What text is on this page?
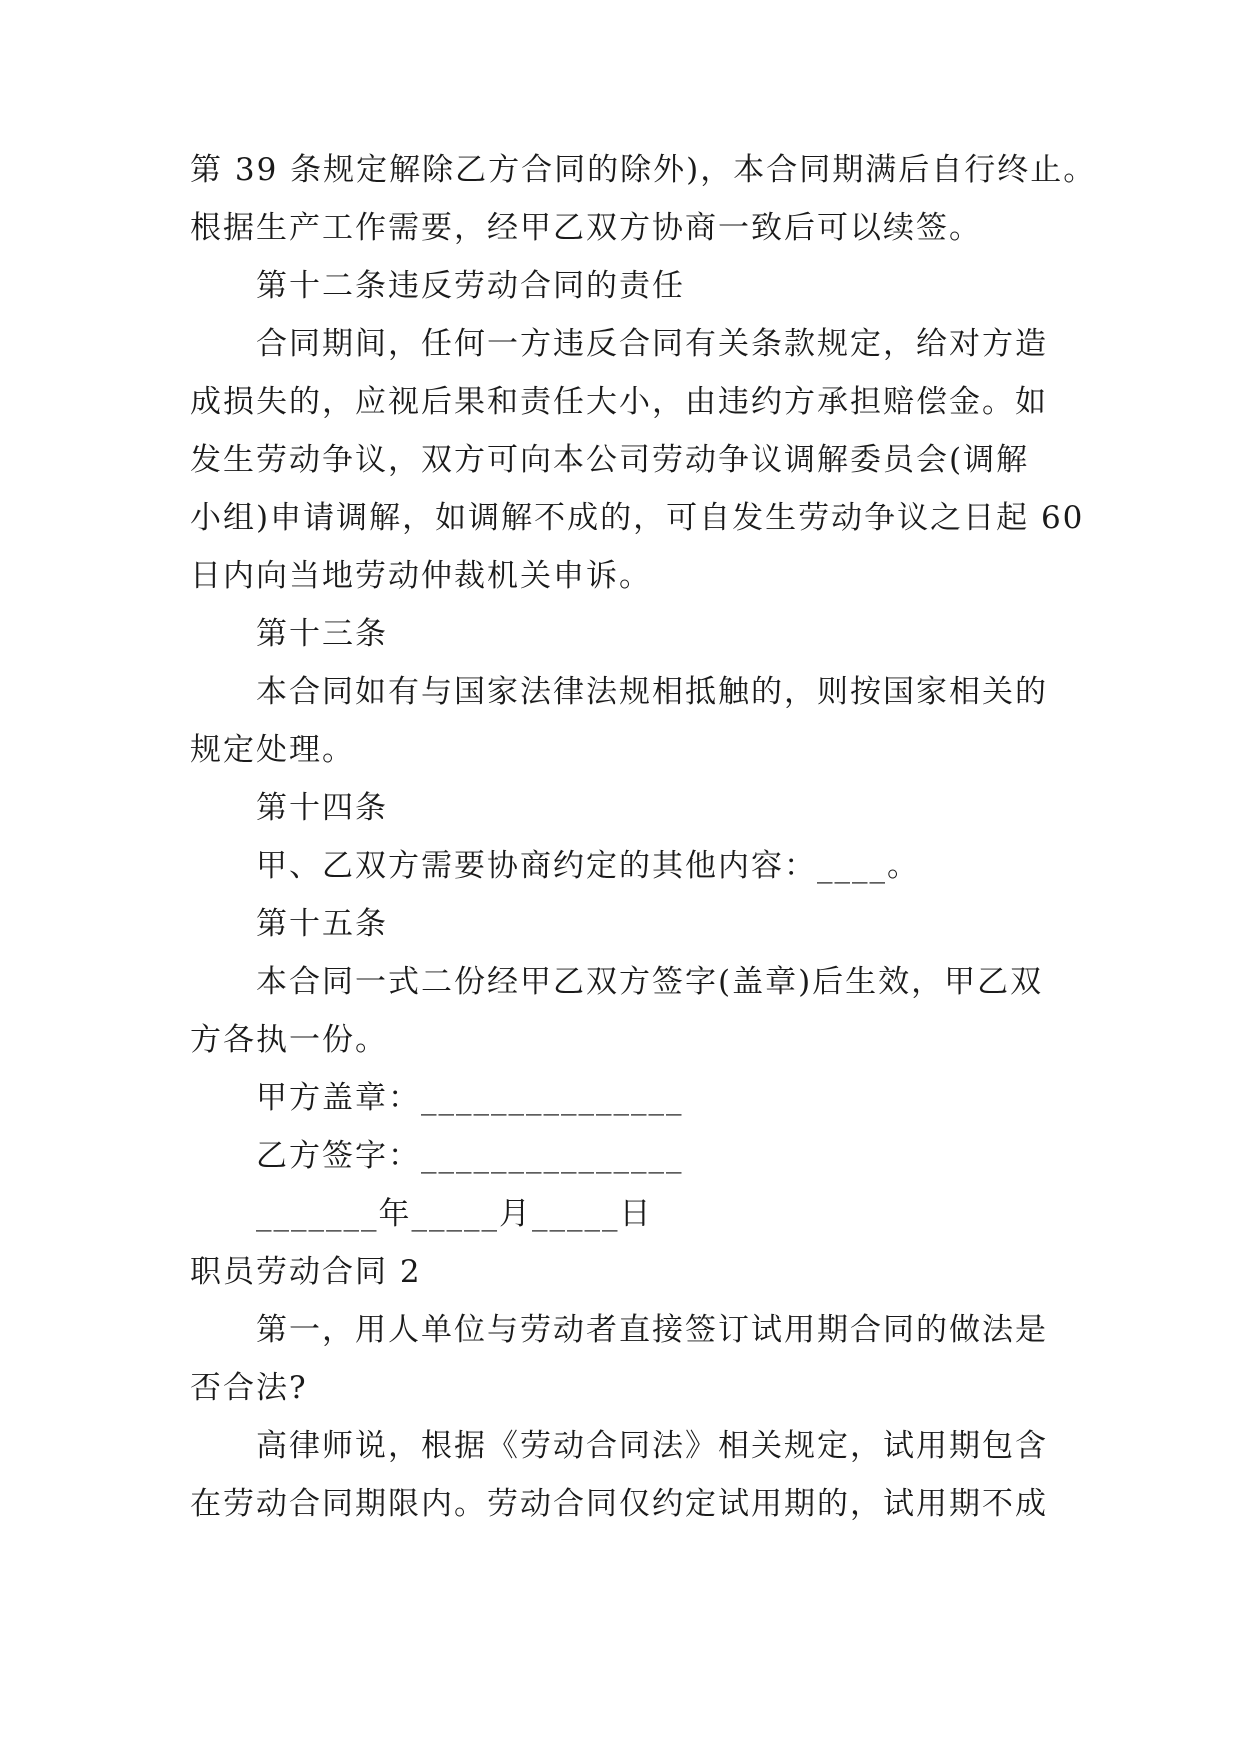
第 39 条规定解除乙方合同的除外)，本合同期满后自行终止。
根据生产工作需要，经甲乙双方协商一致后可以续签。
第十二条违反劳动合同的责任
合同期间，任何一方违反合同有关条款规定，给对方造
成损失的，应视后果和责任大小，由违约方承担赔偿金。如
发生劳动争议，双方可向本公司劳动争议调解委员会(调解
小组)申请调解，如调解不成的，可自发生劳动争议之日起 60
日内向当地劳动仲裁机关申诉。
第十三条
本合同如有与国家法律法规相抵触的，则按国家相关的
规定处理。
第十四条
甲、乙双方需要协商约定的其他内容：____。
第十五条
本合同一式二份经甲乙双方签字(盖章)后生效，甲乙双
方各执一份。
甲方盖章：_______________
乙方签字：_______________
_______年_____月_____日
职员劳动合同 2
第一，用人单位与劳动者直接签订试用期合同的做法是
否合法?
高律师说，根据《劳动合同法》相关规定，试用期包含
在劳动合同期限内。劳动合同仅约定试用期的，试用期不成
